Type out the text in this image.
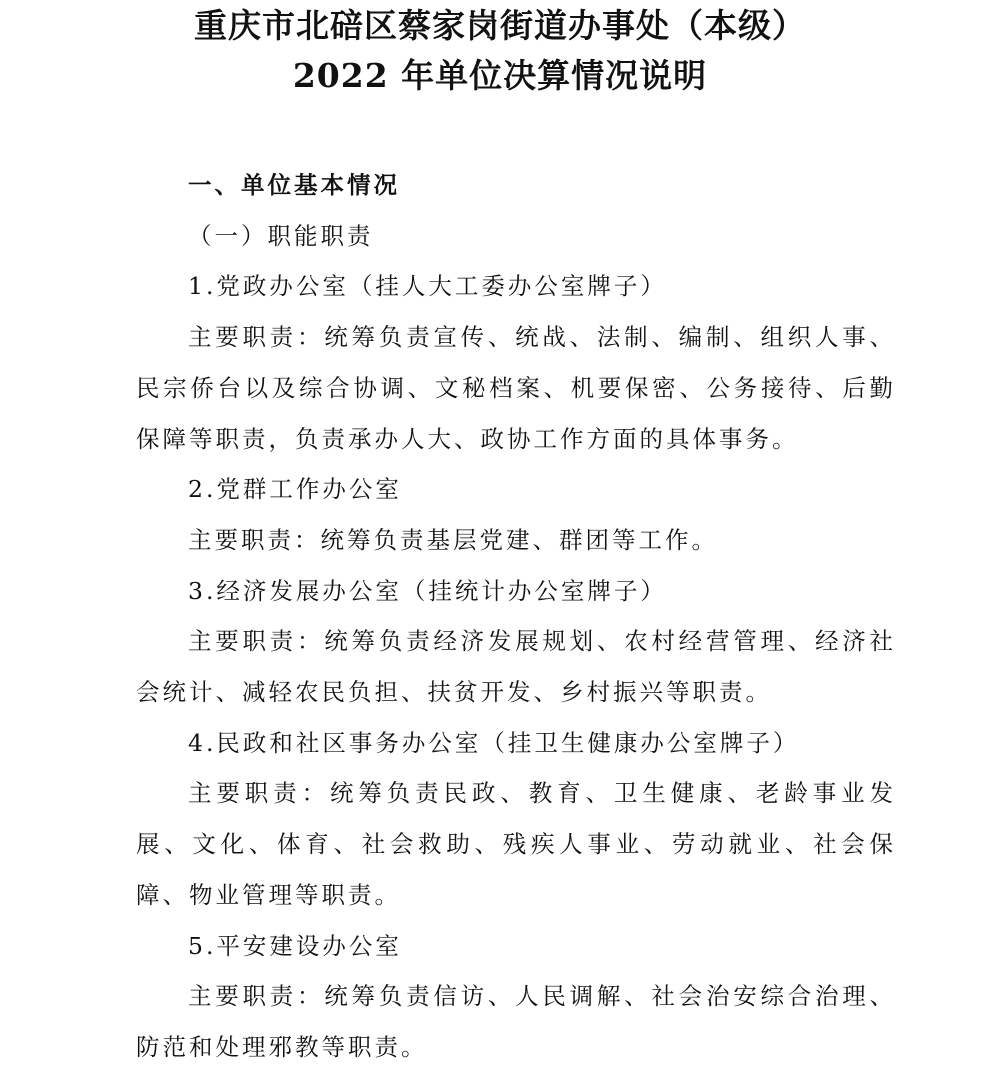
重庆市北碚区蔡家岗街道办事处（本级）
2022 年单位决算情况说明

一、单位基本情况

（一）职能职责

1.党政办公室（挂人大工委办公室牌子）

主要职责：统筹负责宣传、统战、法制、编制、组织人事、民宗侨台以及综合协调、文秘档案、机要保密、公务接待、后勤保障等职责，负责承办人大、政协工作方面的具体事务。

2.党群工作办公室

主要职责：统筹负责基层党建、群团等工作。

3.经济发展办公室（挂统计办公室牌子）

主要职责：统筹负责经济发展规划、农村经营管理、经济社会统计、减轻农民负担、扶贫开发、乡村振兴等职责。

4.民政和社区事务办公室（挂卫生健康办公室牌子）

主要职责：统筹负责民政、教育、卫生健康、老龄事业发展、文化、体育、社会救助、残疾人事业、劳动就业、社会保障、物业管理等职责。

5.平安建设办公室

主要职责：统筹负责信访、人民调解、社会治安综合治理、防范和处理邪教等职责。
